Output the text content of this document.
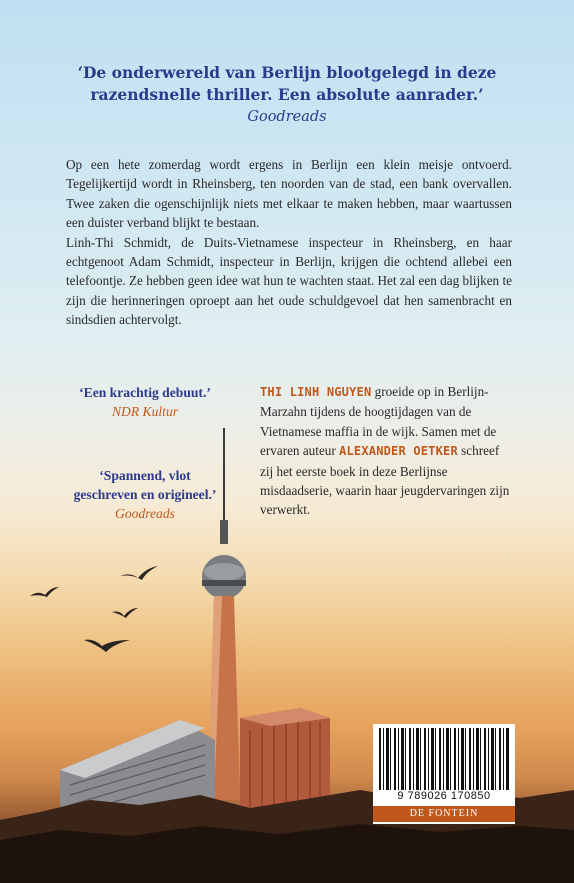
‘De onderwereld van Berlijn blootgelegd in deze
razendsnelle thriller. Een absolute aanrader.’
Goodreads

Op een hete zomerdag wordt ergens in Berlijn een klein meisje ontvoerd. Tegelijkertijd wordt in Rheinsberg, ten noorden van de stad, een bank overvallen. Twee zaken die ogenschijnlijk niets met elkaar te maken hebben, maar waartussen een duister verband blijkt te bestaan.

Linh-Thi Schmidt, de Duits-Vietnamese inspecteur in Rheinsberg, en haar echtgenoot Adam Schmidt, inspecteur in Berlijn, krijgen die ochtend allebei een telefoontje. Ze hebben geen idee wat hun te wachten staat. Het zal een dag blijken te zijn die herinneringen oproept aan het oude schuldgevoel dat hen samenbracht en sindsdien achtervolgt.

‘Een krachtig debuut.’
NDR Kultur
‘Spannend, vlot geschreven en origineel.’
Goodreads
THI LINH NGUYEN groeide op in Berlijn-Marzahn tijdens de hoogtijdagen van de Vietnamese maffia in de wijk. Samen met de ervaren auteur ALEXANDER OETKER schreef zij het eerste boek in deze Berlijnse misdaadserie, waarin haar jeugdervaringen zijn verwerkt.
9 789026 170850
DE FONTEIN
